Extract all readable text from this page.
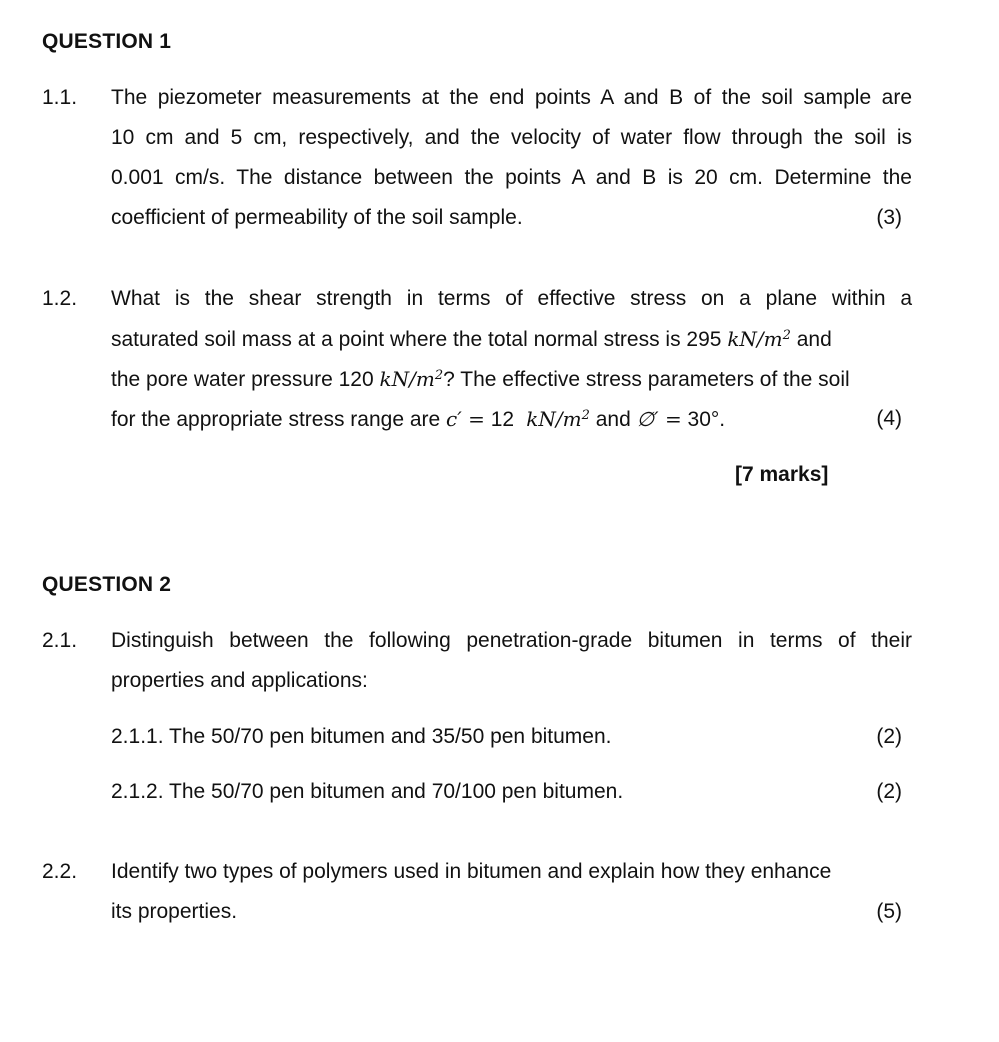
QUESTION 1
1.1. The piezometer measurements at the end points A and B of the soil sample are
10 cm and 5 cm, respectively, and the velocity of water flow through the soil is
0.001 cm/s. The distance between the points A and B is 20 cm. Determine the
coefficient of permeability of the soil sample.	(3)
1.2. What is the shear strength in terms of effective stress on a plane within a
saturated soil mass at a point where the total normal stress is 295 $kN/m^2$ and
the pore water pressure 120 $kN/m^2$? The effective stress parameters of the soil
for the appropriate stress range are c′ = 12 $kN/m^2$ and ∅′ = 30°.	(4)
[7 marks]
QUESTION 2
2.1. Distinguish between the following penetration-grade bitumen in terms of their
properties and applications:
2.1.1. The 50/70 pen bitumen and 35/50 pen bitumen.	(2)
2.1.2. The 50/70 pen bitumen and 70/100 pen bitumen.	(2)
2.2. Identify two types of polymers used in bitumen and explain how they enhance
its properties.	(5)
